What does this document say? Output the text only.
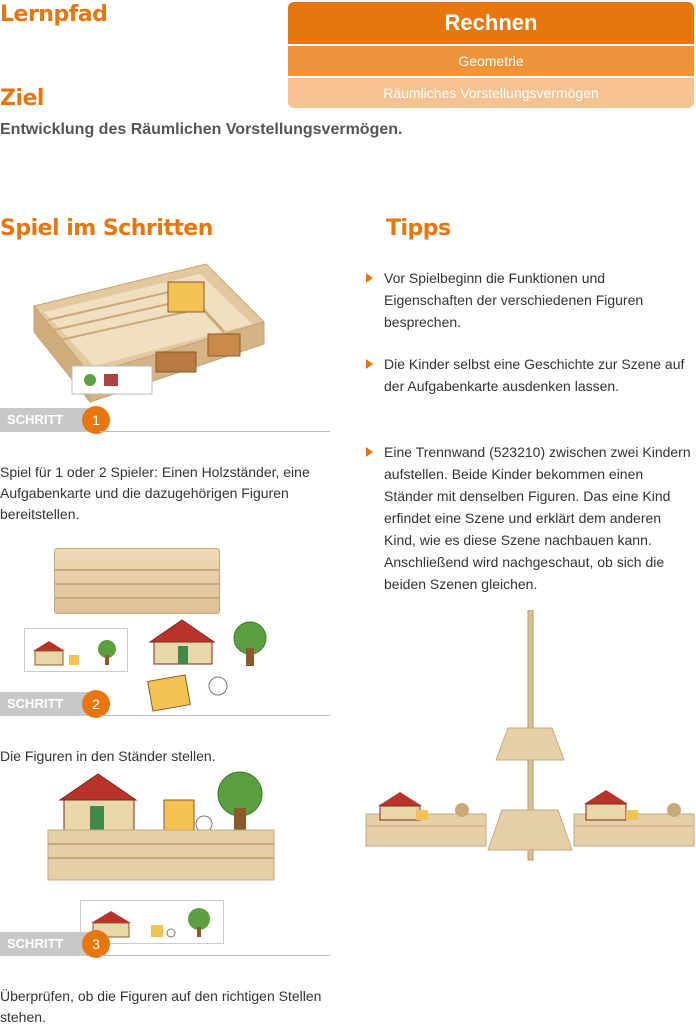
Lernpfad	Rechnen
Geometrie
Räumliches Vorstellungsvermögen
Ziel
Entwicklung des Räumlichen Vorstellungsvermögen.
Spiel im Schritten	Tipps
SCHRITT	1
Spiel für 1 oder 2 Spieler: Einen Holzständer, eine Aufgabenkarte und die dazugehörigen Figuren bereitstellen.
SCHRITT	2
Die Figuren in den Ständer stellen.
SCHRITT	3
Überprüfen, ob die Figuren auf den richtigen Stellen stehen.
Vor Spielbeginn die Funktionen und Eigenschaften der verschiedenen Figuren besprechen.
Die Kinder selbst eine Geschichte zur Szene auf der Aufgabenkarte ausdenken lassen.
Eine Trennwand (523210) zwischen zwei Kindern aufstellen. Beide Kinder bekommen einen Ständer mit denselben Figuren. Das eine Kind erfindet eine Szene und erklärt dem anderen Kind, wie es diese Szene nachbauen kann. Anschließend wird nachgeschaut, ob sich die beiden Szenen gleichen.
